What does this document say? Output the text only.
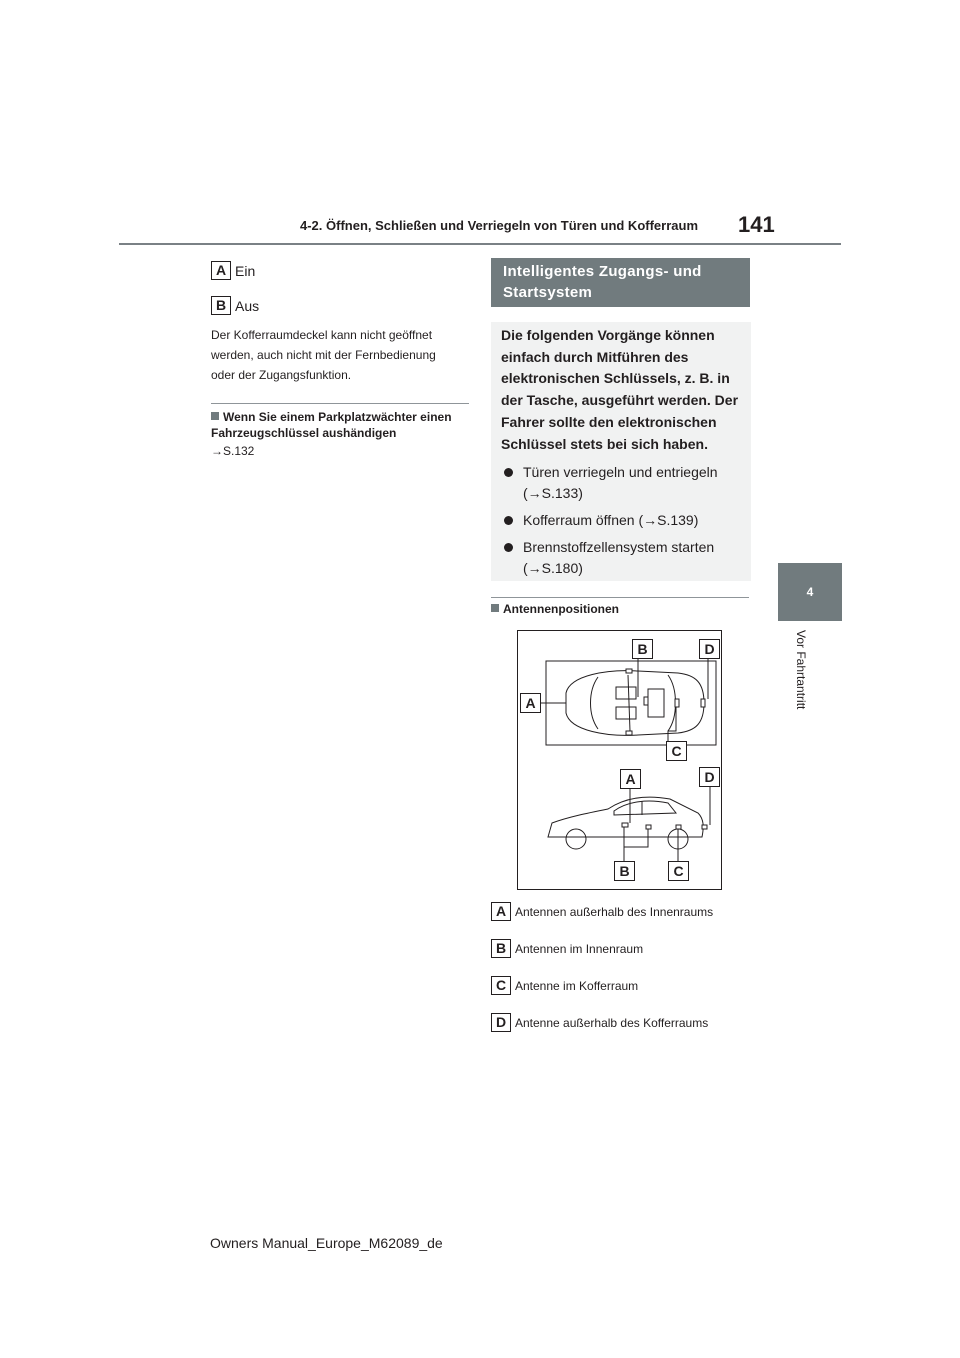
4-2. Öffnen, Schließen und Verriegeln von Türen und Kofferraum 141
4
Vor Fahrtantritt
A Ein
B Aus
Der Kofferraumdeckel kann nicht geöffnet werden, auch nicht mit der Fernbedienung oder der Zugangsfunktion.
Wenn Sie einem Parkplatzwächter einen Fahrzeugschlüssel aushändigen
→S.132
Intelligentes Zugangs- und Startsystem
Die folgenden Vorgänge können einfach durch Mitführen des elektronischen Schlüssels, z. B. in der Tasche, ausgeführt werden. Der Fahrer sollte den elektronischen Schlüssel stets bei sich haben.
Türen verriegeln und entriegeln (→S.133)
Kofferraum öffnen (→S.139)
Brennstoffzellensystem starten (→S.180)
Antennenpositionen
B	D
A
C
A	D
B	C
A Antennen außerhalb des Innenraums
B Antennen im Innenraum
C Antenne im Kofferraum
D Antenne außerhalb des Kofferraums
Owners Manual_Europe_M62089_de
